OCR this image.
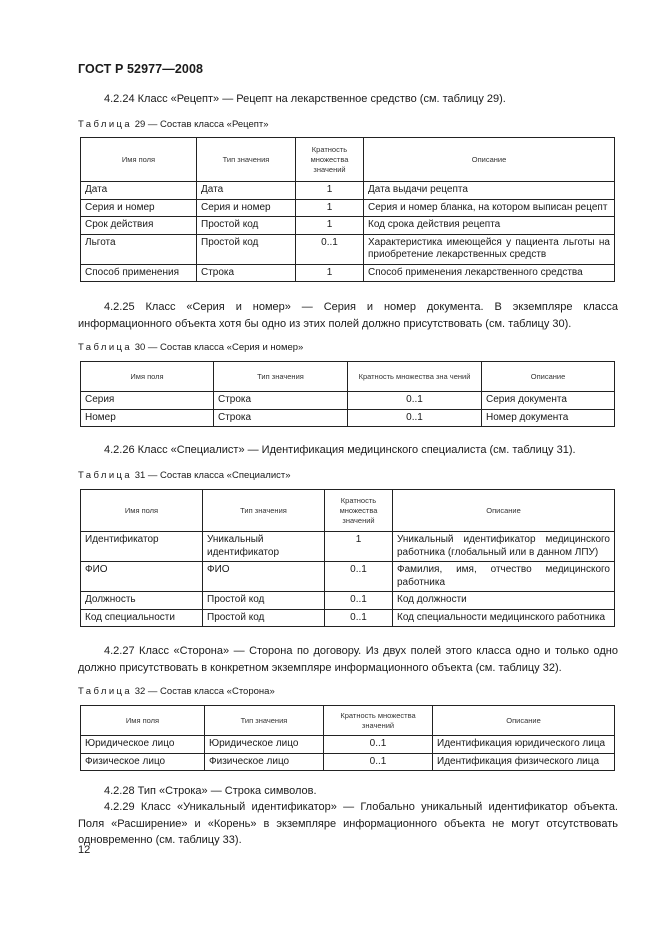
ГОСТ Р 52977—2008
4.2.24 Класс «Рецепт» — Рецепт на лекарственное средство (см. таблицу 29).
Таблица 29 — Состав класса «Рецепт»
Имя поля	Тип значения	Кратность множества значений	Описание
Дата	Дата	1	Дата выдачи рецепта
Серия и номер	Серия и номер	1	Серия и номер бланка, на котором выписан рецепт
Срок действия	Простой код	1	Код срока действия рецепта
Льгота	Простой код	0..1	Характеристика имеющейся у пациента льготы на приобретение лекарственных средств
Способ применения	Строка	1	Способ применения лекарственного средства
4.2.25 Класс «Серия и номер» — Серия и номер документа. В экземпляре класса информационного объекта хотя бы одно из этих полей должно присутствовать (см. таблицу 30).
Таблица 30 — Состав класса «Серия и номер»
Имя поля	Тип значения	Кратность множества зна чений	Описание
Серия	Строка	0..1	Серия документа
Номер	Строка	0..1	Номер документа
4.2.26 Класс «Специалист» — Идентификация медицинского специалиста (см. таблицу 31).
Таблица 31 — Состав класса «Специалист»
Имя поля	Тип значения	Кратность множества значений	Описание
Идентификатор	Уникальный идентификатор	1	Уникальный идентификатор медицинского работника (глобальный или в данном ЛПУ)
ФИО	ФИО	0..1	Фамилия, имя, отчество медицинского работника
Должность	Простой код	0..1	Код должности
Код специальности	Простой код	0..1	Код специальности медицинского работника
4.2.27 Класс «Сторона» — Сторона по договору. Из двух полей этого класса одно и только одно должно присутствовать в конкретном экземпляре информационного объекта (см. таблицу 32).
Таблица 32 — Состав класса «Сторона»
Имя поля	Тип значения	Кратность множества значений	Описание
Юридическое лицо	Юридическое лицо	0..1	Идентификация юридического лица
Физическое лицо	Физическое лицо	0..1	Идентификация физического лица
4.2.28 Тип «Строка» — Строка символов.
4.2.29 Класс «Уникальный идентификатор» — Глобально уникальный идентификатор объекта. Поля «Расширение» и «Корень» в экземпляре информационного объекта не могут отсутствовать одновременно (см. таблицу 33).
12
